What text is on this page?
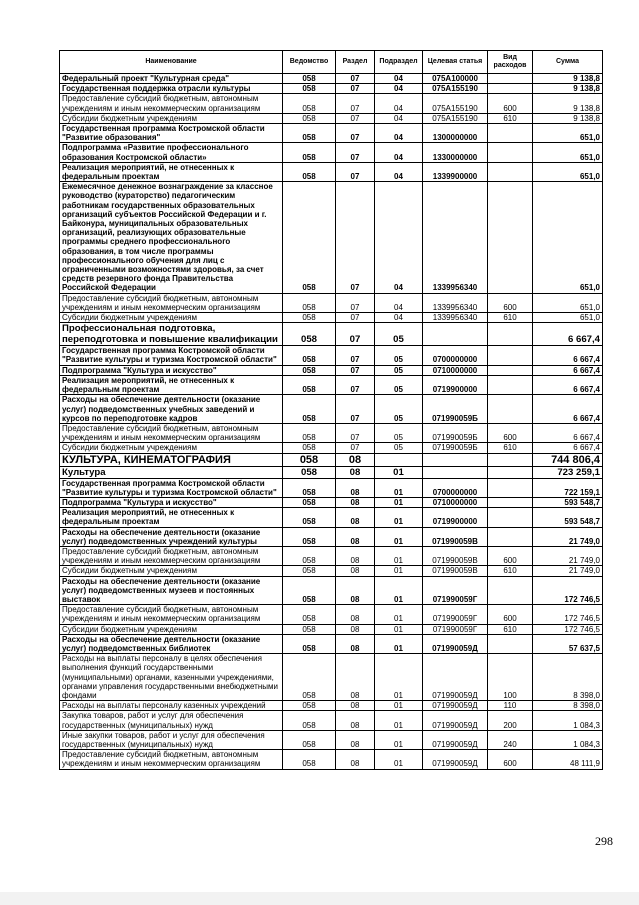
Наименование	Ведомство	Раздел	Подраздел	Целевая статья	Вид расходов	Сумма
Федеральный проект "Культурная среда"	058	07	04	075А100000		9 138,8
Государственная поддержка отрасли культуры	058	07	04	075А155190		9 138,8
Предоставление субсидий бюджетным, автономным учреждениям и иным некоммерческим организациям	058	07	04	075А155190	600	9 138,8
Субсидии бюджетным учреждениям	058	07	04	075А155190	610	9 138,8
Государственная программа Костромской области "Развитие образования"	058	07	04	1300000000		651,0
Подпрограмма «Развитие профессионального образования Костромской области»	058	07	04	1330000000		651,0
Реализация мероприятий, не отнесенных к федеральным проектам	058	07	04	1339900000		651,0
Ежемесячное денежное вознаграждение за классное руководство (кураторство) педагогическим работникам государственных образовательных организаций субъектов Российской Федерации и г. Байконура, муниципальных образовательных организаций, реализующих образовательные программы среднего профессионального образования, в том числе программы профессионального обучения для лиц с ограниченными возможностями здоровья, за счет средств резервного фонда Правительства Российской Федерации	058	07	04	1339956340		651,0
Предоставление субсидий бюджетным, автономным учреждениям и иным некоммерческим организациям	058	07	04	1339956340	600	651,0
Субсидии бюджетным учреждениям	058	07	04	1339956340	610	651,0
Профессиональная подготовка, переподготовка и повышение квалификации	058	07	05			6 667,4
Государственная программа Костромской области "Развитие культуры и туризма Костромской области"	058	07	05	0700000000		6 667,4
Подпрограмма "Культура и искусство"	058	07	05	0710000000		6 667,4
Реализация мероприятий, не отнесенных к федеральным проектам	058	07	05	0719900000		6 667,4
Расходы на обеспечение деятельности (оказание услуг) подведомственных учебных заведений и курсов по переподготовке кадров	058	07	05	071990059Б		6 667,4
Предоставление субсидий бюджетным, автономным учреждениям и иным некоммерческим организациям	058	07	05	071990059Б	600	6 667,4
Субсидии бюджетным учреждениям	058	07	05	071990059Б	610	6 667,4
КУЛЬТУРА, КИНЕМАТОГРАФИЯ	058	08				744 806,4
Культура	058	08	01			723 259,1
Государственная программа Костромской области "Развитие культуры и туризма Костромской области"	058	08	01	0700000000		722 159,1
Подпрограмма "Культура и искусство"	058	08	01	0710000000		593 548,7
Реализация мероприятий, не отнесенных к федеральным проектам	058	08	01	0719900000		593 548,7
Расходы на обеспечение деятельности (оказание услуг) подведомственных учреждений культуры	058	08	01	071990059В		21 749,0
Предоставление субсидий бюджетным, автономным учреждениям и иным некоммерческим организациям	058	08	01	071990059В	600	21 749,0
Субсидии бюджетным учреждениям	058	08	01	071990059В	610	21 749,0
Расходы на обеспечение деятельности (оказание услуг) подведомственных музеев и постоянных выставок	058	08	01	071990059Г		172 746,5
Предоставление субсидий бюджетным, автономным учреждениям и иным некоммерческим организациям	058	08	01	071990059Г	600	172 746,5
Субсидии бюджетным учреждениям	058	08	01	071990059Г	610	172 746,5
Расходы на обеспечение деятельности (оказание услуг) подведомственных библиотек	058	08	01	071990059Д		57 637,5
Расходы на выплаты персоналу в целях обеспечения выполнения функций государственными (муниципальными) органами, казенными учреждениями, органами управления государственными внебюджетными фондами	058	08	01	071990059Д	100	8 398,0
Расходы на выплаты персоналу казенных учреждений	058	08	01	071990059Д	110	8 398,0
Закупка товаров, работ и услуг для обеспечения государственных (муниципальных) нужд	058	08	01	071990059Д	200	1 084,3
Иные закупки товаров, работ и услуг для обеспечения государственных (муниципальных) нужд	058	08	01	071990059Д	240	1 084,3
Предоставление субсидий бюджетным, автономным учреждениям и иным некоммерческим организациям	058	08	01	071990059Д	600	48 111,9
298
